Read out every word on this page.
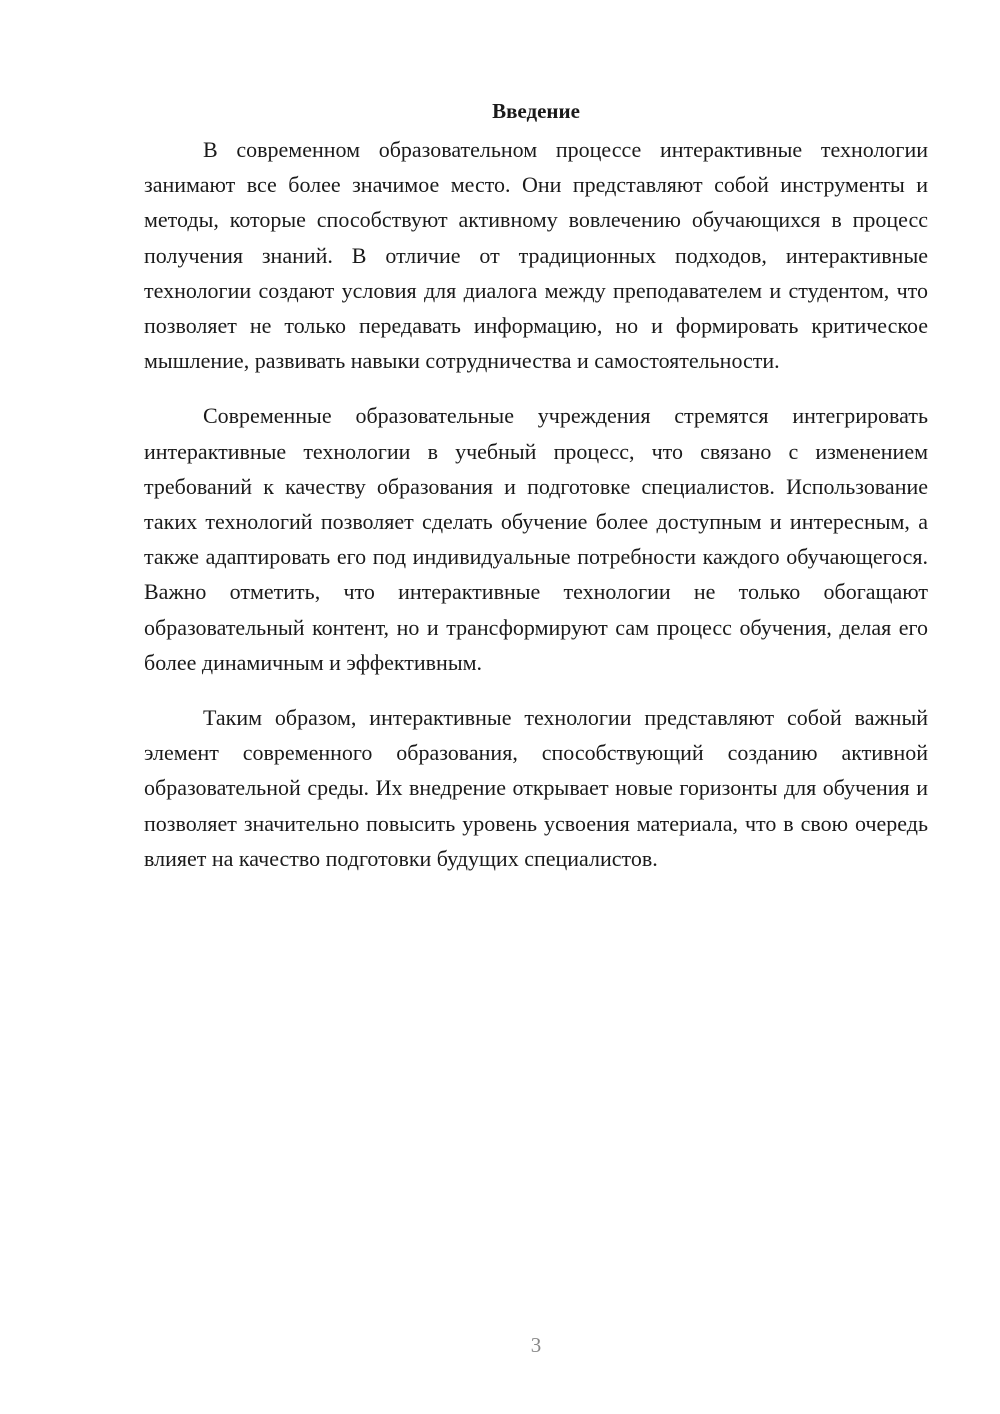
Введение

В современном образовательном процессе интерактивные технологии занимают все более значимое место. Они представляют собой инструменты и методы, которые способствуют активному вовлечению обучающихся в процесс получения знаний. В отличие от традиционных подходов, интерактивные технологии создают условия для диалога между преподавателем и студентом, что позволяет не только передавать информацию, но и формировать критическое мышление, развивать навыки сотрудничества и самостоятельности.

Современные образовательные учреждения стремятся интегрировать интерактивные технологии в учебный процесс, что связано с изменением требований к качеству образования и подготовке специалистов. Использование таких технологий позволяет сделать обучение более доступным и интересным, а также адаптировать его под индивидуальные потребности каждого обучающегося. Важно отметить, что интерактивные технологии не только обогащают образовательный контент, но и трансформируют сам процесс обучения, делая его более динамичным и эффективным.

Таким образом, интерактивные технологии представляют собой важный элемент современного образования, способствующий созданию активной образовательной среды. Их внедрение открывает новые горизонты для обучения и позволяет значительно повысить уровень усвоения материала, что в свою очередь влияет на качество подготовки будущих специалистов.

3
